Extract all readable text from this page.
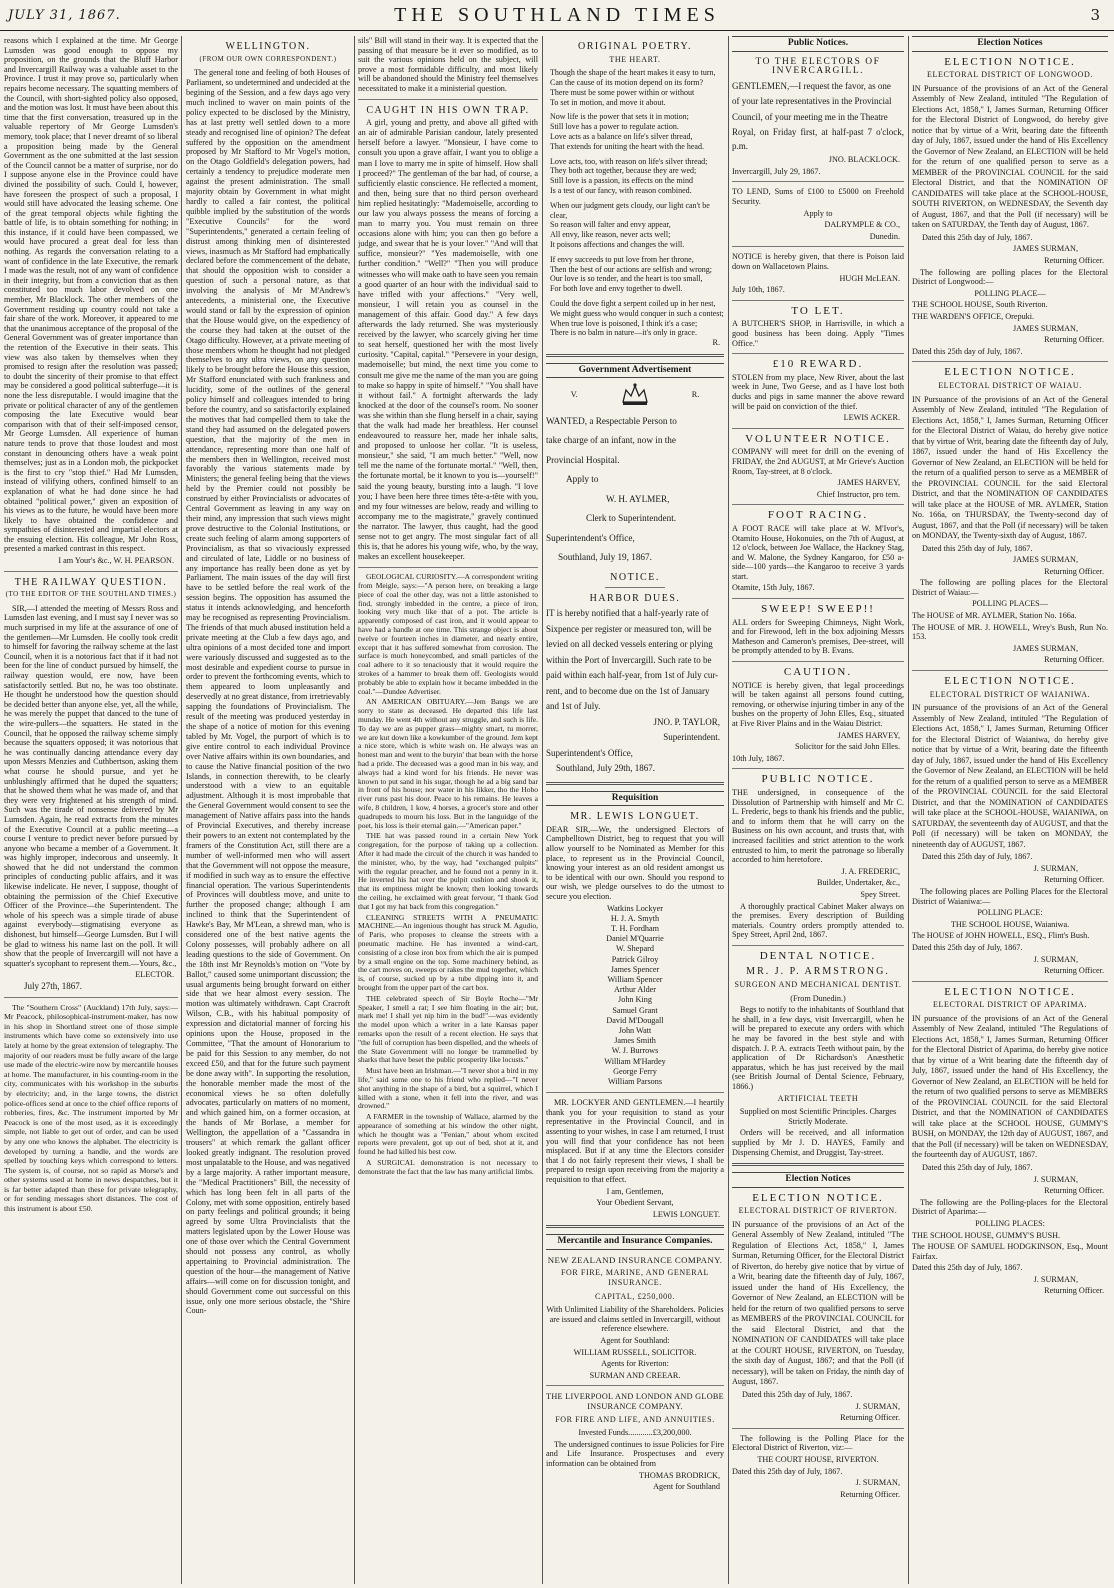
JULY 31, 1867.	THE SOUTHLAND TIMES	3

reasons which I explained at the time. Mr George Lumsden was good enough to oppose my proposition, on the grounds that the Bluff Harbor and Invercargill Railway was a valuable asset to the Province. I trust it may prove so, particularly when repairs become necessary. The squatting members of the Council, with short-sighted policy also opposed, and the motion was lost. It must have been about this time that the first conversation, treasured up in the valuable repertory of Mr George Lumsden's memory, took place; that I never dreamt of so liberal a proposition being made by the General Government as the one submitted at the last session of the Council cannot be a matter of surprise, nor do I suppose anyone else in the Province could have divined the possibility of such. Could I, however, have foreseen the prospect of such a proposal, I would still have advocated the leasing scheme. One of the great temporal objects while fighting the battle of life, is to obtain something for nothing; in this instance, if it could have been compassed, we would have procured a great deal for less than nothing. As regards the conversation relating to a want of confidence in the late Executive, the remark I made was the result, not of any want of confidence in their integrity, but from a conviction that as then constituted too much labor devolved on one member, Mr Blacklock. The other members of the Government residing up country could not take a fair share of the work. Moreover, it appeared to me that the unanimous acceptance of the proposal of the General Government was of greater importance than the retention of the Executive in their seats. This view was also taken by themselves when they promised to resign after the resolution was passed; to doubt the sincerity of their promise to that effect may be considered a good political subterfuge—it is none the less disreputable. I would imagine that the private or political character of any of the gentlemen composing the late Executive would bear comparison with that of their self-imposed censor, Mr George Lumsden. All experience of human nature tends to prove that those loudest and most constant in denouncing others have a weak point themselves; just as in a London mob, the pickpocket is the first to cry "stop thief." Had Mr Lumsden, instead of vilifying others, confined himself to an explanation of what he had done since he had obtained "political power," given an exposition of his views as to the future, he would have been more likely to have obtained the confidence and sympathies of disinterested and impartial electors at the ensuing election. His colleague, Mr John Ross, presented a marked contrast in this respect.

I am Your's &c., W. H. PEARSON.

THE RAILWAY QUESTION.
(TO THE EDITOR OF THE SOUTHLAND TIMES.)

SIR,—I attended the meeting of Messrs Ross and Lumsden last evening, and I must say I never was so much surprised in my life at the assurance of one of the gentlemen—Mr Lumsden. He coolly took credit to himself for favoring the railway scheme at the last Council, when it is a notorious fact that if it had not been for the line of conduct pursued by himself, the railway question would, ere now, have been satisfactorily settled. But no, he was too obstinate. He thought he understood how the question should be decided better than anyone else, yet, all the while, he was merely the puppet that danced to the tune of the wire-pullers—the squatters. He stated in the Council, that he opposed the railway scheme simply because the squatters opposed; it was notorious that he was continually dancing attendance every day upon Messrs Menzies and Cuthbertson, asking them what course he should pursue, and yet he unblushingly affirmed that he duped the squatters; that he showed them what he was made of, and that they were very frightened at his strength of mind. Such was the tirade of nonsense delivered by Mr Lumsden. Again, he read extracts from the minutes of the Executive Council at a public meeting—a course I venture to predict never before pursued by anyone who became a member of a Government. It was highly improper, indecorous and unseemly. It showed that he did not understand the common principles of conducting public affairs, and it was likewise indelicate. He never, I suppose, thought of obtaining the permission of the Chief Executive Officer of the Province—the Superintendent. The whole of his speech was a simple tirade of abuse against everybody—stigmatising everyone as dishonest, but himself—George Lumsden. But I will be glad to witness his name last on the poll. It will show that the people of Invercargill will not have a squatter's sycophant to represent them.—Yours, &c.,

ELECTOR.

July 27th, 1867.

The "Southern Cross" (Auckland) 17th July, says:—Mr Peacock, philosophical-instrument-maker, has now in his shop in Shortland street one of those simple instruments which have come so extensively into use lately at home by the great extension of telegraphy. The majority of our readers must be fully aware of the large use made of the electric-wire now by mercantile houses at home. The manufacturer, in his counting-room in the city, communicates with his workshop in the suburbs by electricity; and, in the large towns, the district police-offices send at once to the chief office reports of robberies, fires, &c. The instrument imported by Mr Peacock is one of the most used, as it is exceedingly simple, not liable to get out of order, and can be used by any one who knows the alphabet. The electricity is developed by turning a handle, and the words are spelled by touching keys which correspond to letters. The system is, of course, not so rapid as Morse's and other systems used at home in news despatches, but it is far better adapted than these for private telegraphy, or for sending messages short distances. The cost of this instrument is about £50.

WELLINGTON.
(FROM OUR OWN CORRESPONDENT.)

The general tone and feeling of both Houses of Parliament, so undetermined and undecided at the begining of the Session, and a few days ago very much inclined to waver on main points of the policy expected to be disclosed by the Ministry, has at last pretty well settled down to a more steady and recognised line of opinion? The defeat suffered by the opposition on the amendment proposed by Mr Stafford to Mr Vogel's motion, on the Otago Goldfield's delegation powers, had certainly a tendency to prejudice moderate men against the present administration. The small majority obtain by Government in what might hardly to called a fair contest, the political quibble implied by the substitution of the words "Executive Councils" for the word "Superintendents," generated a certain feeling of distrust among thinking men of disinterested views, inasmuch as Mr Stafford had emphatically declared before the commencement of the debate, that should the opposition wish to consider a question of such a personal nature, as that involving the analysis of Mr M'Andrew's antecedents, a ministerial one, the Executive would stand or fall by the expression of opinion that the House would give, on the expediency of the course they had taken at the outset of the Otago difficulty. However, at a private meeting of those members whom he thought had not pledged themselves to any ultra views, on any question likely to be brought before the House this session, Mr Stafford enunciated with such frankness and lucidity, some of the outlines of the general policy himself and colleagues intended to bring before the country, and so satisfactorily explained the motives that had compelled them to take the stand they had assumed on the delegated powers question, that the majority of the men in attendance, representing more than one half of the members then in Wellington, received most favorably the various statements made by Ministers; the general feeling being that the views held by the Premier could not possibly be construed by either Provincialists or advocates of Central Government as leaving in any way on their mind, any impression that such views might prove destructive to the Colonial Institutions, or create such feeling of alarm among supporters of Provincialism, as that so vivaciously expressed and circulated of late, Liddle or no business of any importance has really been done as yet by Parliament. The main issues of the day will first have to be settled before the real work of the session begins. The opposition has assumed the status it intends acknowledging, and henceforth may be recognised as representing Provincialism. The friends of that much abused institution held a private meeting at the Club a few days ago, and ultra opinions of a most decided tone and import were variously discussed and suggested as to the most desirable and expedient course to pursue in order to prevent the forthcoming events, which to them appeared to loom unpleasantly and deservedly at no great distance, from irretrievably sapping the foundations of Provincialism. The result of the meeting was produced yesterday in the shape of a notice of motion for this evening tabled by Mr. Vogel, the purport of which is to give entire control to each individual Province over Native affairs within its own boundaries, and to cause the Native financial position of the two Islands, in connection therewith, to be clearly understood with a view to an equitable adjustment. Although it is most improbable that the General Government would consent to see the management of Native affairs pass into the hands of Provincial Executives, and thereby increase their powers to an extent not contemplated by the framers of the Constitution Act, still there are a number of well-informed men who will assert that the Government will not oppose the measure, if modified in such way as to ensure the effective financial operation. The various Superintendents of Provinces will doubtless move, and unite to further the proposed change; although I am inclined to think that the Superintendent of Hawke's Bay, Mr M'Lean, a shrewd man, who is considered one of the best native agents the Colony possesses, will probably adhere on all leading questions to the side of Government. On the 18th inst Mr Reynolds's motion on "Vote by Ballot," caused some unimportant discussion; the usual arguments being brought forward on either side that we hear almost every session. The motion was ultimately withdrawn. Capt Cracroft Wilson, C.B., with his habitual pomposity of expression and dictatorial manner of forcing his opinions upon the House, proposed in the Committee, "That the amount of Honorarium to be paid for this Session to any member, do not exceed £50, and that for the future such payment be done away with". In supporting the resolution, the honorable member made the most of the economical views he so often dolefully advocates, particularly on matters of no moment, and which gained him, on a former occasion, at the hands of Mr Borlase, a member for Wellington, the appellation of a "Cassandra in trousers" at which remark the gallant officer looked greatly indignant. The resolution proved most unpalatable to the House, and was negatived by a large majority. A rather important measure, the "Medical Practitioners" Bill, the necessity of which has long been felt in all parts of the Colony, met with some opposition, entirely based on party feelings and political grounds; it being agreed by some Ultra Provincialists that the matters legislated upon by the Lower House was one of those over which the Central Government should not possess any control, as wholly appertaining to Provincial administration. The question of the hour—the management of Native affairs—will come on for discussion tonight, and should Government come out successful on this issue, only one more serious obstacle, the "Shire Coun-

sils" Bill will stand in their way. It is expected that the passing of that measure be it ever so modified, as to suit the various opinions held on the subject, will prove a most formidable difficulty, and most likely will be abandoned should the Ministry feel themselves necessitated to make it a ministerial question.

CAUGHT IN HIS OWN TRAP.

A girl, young and pretty, and above all gifted with an air of admirable Parisian candour, lately presented herself before a lawyer. "Monsieur, I have come to consult you upon a grave affair, I want you to oblige a man I love to marry me in spite of himself. How shall I proceed?" The gentleman of the bar had, of course, a sufficiently elastic conscience. He reflected a moment, and then, being sure that no third person overheard him replied hesitatingly: "Mademoiselle, according to our law you always possess the means of forcing a man to marry you. You must remain on three occasions alone with him; you can then go before a judge, and swear that he is your lover." "And will that suffice, monsieur?" "Yes mademoiselle, with one further condition." "Well?" "Then you will produce witnesses who will make oath to have seen you remain a good quarter of an hour with the individual said to have trifled with your affections." "Very well, monsieur, I will retain you as counsel in the management of this affair. Good day." A few days afterwards the lady returned. She was mysteriously received by the lawyer, who scarcely giving her time to seat herself, questioned her with the most lively curiosity. "Capital, capital." "Persevere in your design, mademoiselle; but mind, the next time you come to consult me give me the name of the man you are going to make so happy in spite of himself." "You shall have it without fail." A fortnight afterwards the lady knocked at the door of the counsel's room. No sooner was she within than she flung herself in a chair, saying that the walk had made her breathless. Her counsel endeavoured to reassure her, made her inhale salts, and proposed to unloose her collar. "It is useless, monsieur," she said, "I am much better." "Well, now tell me the name of the fortunate mortal." "Well, then, the fortunate mortal, be it known to you is—yourself!" said the young beauty, bursting into a laugh. "I love you; I have been here three times tête-a-tête with you, and my four witnesses are below, ready and willing to accompany me to the magistrate," gravely continued the narrator. The lawyer, thus caught, had the good sense not to get angry. The most singular fact of all this is, that he adores his young wife, who, by the way, makes an excellent housekeeper.

GEOLOGICAL CURIOSITY.—A correspondent writing from Meigle, says:—"A person here, on breaking a large piece of coal the other day, was not a little astonished to find, strongly imbedded in the centre, a piece of iron, looking very much like that of a pot. The article is apparently composed of cast iron, and it would appear to have had a handle at one time. This strange object is about twelve or fourteen inches in diameter, and nearly entire, except that it has suffered somewhat from corrosion. The surface is much honeycombed, and small particles of the coal adhere to it so tenaciously that it would require the strokes of a hammer to break them off. Geologists would probably be able to explain how it became imbedded in the coal."—Dundee Advertiser.

AN AMERICAN OBITUARY.—Jem Bangs we are sorry to state as deceased. He departed this life last munday. He went 4th without any struggle, and such is life. To day we are as pupper grass—mighty smart, tu morrer, we are kut down like a kowkumber of the ground. Jem kept a nice store, which is white wash on. He always was an honest man and went to the buryin' that bean with the horse had a pride. The deceased was a good man in his way, and always had a kind word for his friends. He never was known to put sand in his sugar, though he ad a big sand bar in front of his house; nor water in his likker, tho the Hobo river runs past his door. Peace to his remains. He leaves a wife, 8 children, 1 kow, 4 horses, a grocer's store and other quadrupeds to mourn his loss. But in the languidge of the poet, his loss is their eternal gain.—"American paper."

THE hat was passed round in a certain New York congregation, for the purpose of taking up a collection. After it had made the circuit of the church it was handed to the minister, who, by the way, had "exchanged pulpits" with the regular preacher, and he found not a penny in it. He inverted his hat over the pulpit cushion and shook it, that its emptiness might be known; then looking towards the ceiling, he exclaimed with great fervour, "I thank God that I got my hat back from this congregation."

CLEANING STREETS WITH A PNEUMATIC MACHINE.—An ingenious thought has struck M. Agudio, of Paris, who proposes to cleanse the streets with a pneumatic machine. He has invented a wind-cart, consisting of a close iron box from which the air is pumped by a small engine on the top. Some machinery behind, as the cart moves on, sweeps or rakes the mud together, which is, of course, sucked up by a tube dipping into it, and brought from the upper part of the cart box.

THE celebrated speech of Sir Boyle Roche—"Mr Speaker, I smell a rat; I see him floating in the air; but, mark me! I shall yet nip him in the bud!"—was evidently the model upon which a writer in a late Kansas paper remarks upon the result of a recent election. He says that "the full of corruption has been dispelled, and the wheels of the State Government will no longer be trammelled by sharks that have beset the public prosperity like locusts."

Must have been an Irishman.—"I never shot a bird in my life," said some one to his friend who replied—"I never shot anything in the shape of a bird, but a squirrel, which I killed with a stone, when it fell into the river, and was drowned."

A FARMER in the township of Wallace, alarmed by the appearance of something at his window the other night, which he thought was a "Fenian," about whom excited reports were prevalent, got up out of bed, shot at it, and found he had killed his best cow.

A SURGICAL demonstration is not necessary to demonstrate the fact that the law has many artificial limbs.

ORIGINAL POETRY.
THE HEART.
Though the shape of the heart makes it easy to turn,
Can the cause of its motion depend on its form?
There must be some power within or without
To set in motion, and move it about.
Now life is the power that sets it in motion;
Still love has a power to regulate action.
Love acts as a balance on life's silver thread,
That extends for uniting the heart with the head.
Love acts, too, with reason on life's silver thread;
They both act together, because they are wed;
Still love is a passion, its effects on the mind
Is a test of our fancy, with reason combined.
When our judgment gets cloudy, our light can't be clear,
So reason will falter and envy appear,
All envy, like reason, never acts well;
It poisons affections and changes the will.
If envy succeeds to put love from her throne,
Then the best of our actions are selfish and wrong;
Our love is so tender, and the heart is too small,
For both love and envy together to dwell.
Could the dove fight a serpent coiled up in her nest,
We might guess who would conquer in such a contest;
When true love is poisoned, I think it's a case;
There is no balm in nature—it's only in grace.

R.

Government Advertisement
V.	R.

WANTED, a Respectable Person to

take charge of an infant, now in the

Provincial Hospital.

Apply to

W. H. AYLMER,

Clerk to Superintendent.

Superintendent's Office,

Southland, July 19, 1867.

NOTICE.
HARBOR DUES.

IT is hereby notified that a half-yearly rate of

Sixpence per register or measured ton, will be

levied on all decked vessels entering or plying

within the Port of Invercargill. Such rate to be

paid within each half-year, from 1st of July cur-

rent, and to become due on the 1st of January

and 1st of July.

JNO. P. TAYLOR,

Superintendent.

Superintendent's Office,

Southland, July 29th, 1867.

Requisition
MR. LEWIS LONGUET.

DEAR SIR,—We, the undersigned Electors of Campbelltown District, beg to request that you will allow yourself to be Nominated as Member for this place, to represent us in the Provincial Council, knowing your interest as an old resident amongst us to be identical with our own. Should you respond to our wish, we pledge ourselves to do the utmost to secure you election.

Watkins Lockyer
H. J. A. Smyth
T. H. Fordham
Daniel M'Quarrie
W. Shepard
Patrick Gilroy
James Spencer
William Spencer
Arthur Alder
John King
Samuel Grant
David M'Dougall
John Watt
James Smith
W. J. Burrows
William M'Hardey
George Ferry
William Parsons

MR. LOCKYER AND GENTLEMEN.—I heartily thank you for your requisition to stand as your representative in the Provincial Council, and in assenting to your wishes, in case I am returned, I trust you will find that your confidence has not been misplaced. But if at any time the Electors consider that I do not fairly represent their views, I shall be prepared to resign upon receiving from the majority a requisition to that effect.

I am, Gentlemen,

Your Obedient Servant,

LEWIS LONGUET.

Mercantile and Insurance Companies.
NEW ZEALAND INSURANCE COMPANY.
FOR FIRE, MARINE, AND GENERAL INSURANCE.
CAPITAL, £250,000.

With Unlimited Liability of the Shareholders. Policies are issued and claims settled in Invercargill, without reference elsewhere.

Agent for Southland:

WILLIAM RUSSELL, SOLICITOR.

Agents for Riverton:

SURMAN AND CREEAR.

THE LIVERPOOL AND LONDON AND GLOBE INSURANCE COMPANY.
FOR FIRE AND LIFE, AND ANNUITIES.

Invested Funds............£3,200,000.

The undersigned continues to issue Policies for Fire and Life Insurance. Prospectuses and every information can be obtained from

THOMAS BRODRICK,

Agent for Southland

Public Notices.
TO THE ELECTORS OF INVERCARGILL.

GENTLEMEN,—I request the favor, as one

of your late representatives in the Provincial

Council, of your meeting me in the Theatre

Royal, on Friday first, at half-past 7 o'clock, p.m.

JNO. BLACKLOCK.

Invercargill, July 29, 1867.

TO LEND, Sums of £100 to £5000 on Freehold Security.

Apply to

DALRYMPLE & CO.,

Dunedin.

NOTICE is hereby given, that there is Poison laid down on Wallacetown Plains.

HUGH McLEAN.

July 10th, 1867.

TO LET.

A BUTCHER'S SHOP, in Harrisville, in which a good business has been doing. Apply "Times Office."

£10 REWARD.

STOLEN from my place, New River, about the last week in June, Two Geese, and as I have lost both ducks and pigs in same manner the above reward will be paid on conviction of the thief.

LEWIS ACKER.

VOLUNTEER NOTICE.

COMPANY will meet for drill on the evening of FRIDAY, the 2nd AUGUST, at Mr Grieve's Auction Room, Tay-street, at 8 o'clock.

JAMES HARVEY,

Chief Instructor, pro tem.

FOOT RACING.

A FOOT RACE will take place at W. M'Ivor's, Otamito House, Hokonuies, on the 7th of August, at 12 o'clock, between Joe Wallace, the Hackney Stag, and W. Malone, the Sydney Kangaroo, for £50 a-side—100 yards—the Kangaroo to receive 3 yards start.

Otamite, 15th July, 1867.

SWEEP! SWEEP!!

ALL orders for Sweeping Chimneys, Night Work, and for Firewood, left in the box adjoining Messrs Matheson and Cameron's premises, Dee-street, will be promptly attended to by B. Evans.

CAUTION.

NOTICE is hereby given, that legal proceedings will be taken against all persons found cutting, removing, or otherwise injuring timber in any of the bushes on the property of John Elles, Esq., situated at Five River Plains and in the Waiau District.

JAMES HARVEY,

Solicitor for the said John Elles.

10th July, 1867.

PUBLIC NOTICE.

THE undersigned, in consequence of the Dissolution of Partnership with himself and Mr C. L. Frederic, begs to thank his friends and the public, and to inform them that he will carry on the Business on his own account, and trusts that, with increased facilities and strict attention to the work entrusted to him, to merit the patronage so liberally accorded to him heretofore.

J. A. FREDERIC,

Builder, Undertaker, &c.,

Spey Street.

A thoroughly practical Cabinet Maker always on the premises. Every description of Building materials. Country orders promptly attended to. Spey Street, April 2nd, 1867.

DENTAL NOTICE.
MR. J. P. ARMSTRONG.
SURGEON AND MECHANICAL DENTIST.

(From Dunedin.)

Begs to notify to the inhabitants of Southland that he shall, in a few days, visit Invercargill, when he will be prepared to execute any orders with which he may be favored in the best style and with dispatch. J. P. A. extracts Teeth without pain, by the application of Dr Richardson's Anæsthetic apparatus, which he has just received by the mail (see British Journal of Dental Science, February, 1866.)

ARTIFICIAL TEETH

Supplied on most Scientific Principles. Charges Strictly Moderate.

Orders will be received, and all information supplied by Mr J. D. HAYES, Family and Dispensing Chemist, and Druggist, Tay-street.

Election Notices
ELECTION NOTICE.
ELECTORAL DISTRICT OF RIVERTON.

IN pursuance of the provisions of an Act of the General Assembly of New Zealand, intituled "The Regulation of Elections Act, 1858," I, James Surman, Returning Officer, for the Electoral District of Riverton, do hereby give notice that by virtue of a Writ, bearing date the fifteenth day of July, 1867, issued under the hand of His Excellency, the Governor of New Zealand, an ELECTION will be held for the return of two qualified persons to serve as MEMBERS of the PROVINCIAL COUNCIL for the said Electoral District, and that the NOMINATION OF CANDIDATES will take place at the COURT HOUSE, RIVERTON, on Tuesday, the sixth day of August, 1867; and that the Poll (if necessary), will be taken on Friday, the ninth day of August, 1867.

Dated this 25th day of July, 1867.

J. SURMAN,

Returning Officer.

The following is the Polling Place for the Electoral District of Riverton, viz:—

THE COURT HOUSE, RIVERTON.

Dated this 25th day of July, 1867.

J. SURMAN,

Returning Officer.

Election Notices
ELECTION NOTICE.
ELECTORAL DISTRICT OF LONGWOOD.

IN Pursuance of the provisions of an Act of the General Assembly of New Zealand, intituled "The Regulation of Elections Act, 1858," I, James Surman, Returning Officer for the Electoral District of Longwood, do hereby give notice that by virtue of a Writ, bearing date the fifteenth day of July, 1867, issued under the hand of His Excellency the Governor of New Zealand, an ELECTION will be held for the return of one qualified person to serve as a MEMBER of the PROVINCIAL COUNCIL for the said Electoral District, and that the NOMINATION OF CANDIDATES will take place at the SCHOOL-HOUSE, SOUTH RIVERTON, on WEDNESDAY, the Seventh day of August, 1867, and that the Poll (if necessary) will be taken on SATURDAY, the Tenth day of August, 1867.

Dated this 25th day of July, 1867.

JAMES SURMAN,

Returning Officer.

The following are polling places for the Electoral District of Longwood:—

POLLING PLACE—

THE SCHOOL HOUSE, South Riverton.

THE WARDEN'S OFFICE, Orepuki.

JAMES SURMAN,

Returning Officer.

Dated this 25th day of July, 1867.

ELECTION NOTICE.
ELECTORAL DISTRICT OF WAIAU.

IN Pursuance of the provisions of an Act of the General Assembly of New Zealand, intituled "The Regulation of Elections Act, 1858," I, James Surman, Returning Officer for the Electoral District of Waiau, do hereby give notice that by virtue of Writ, bearing date the fifteenth day of July, 1867, issued under the hand of His Excellency the Governor of New Zealand, an ELECTION will be held for the return of a qualified person to serve as a MEMBER of the PROVINCIAL COUNCIL for the said Electoral District, and that the NOMINATION OF CANDIDATES will take place at the HOUSE of MR. AYLMER, Station No. 166a, on THURSDAY, the Twenty-second day of August, 1867, and that the Poll (if necessary) will be taken on MONDAY, the Twenty-sixth day of August, 1867.

Dated this 25th day of July, 1867.

JAMES SURMAN,

Returning Officer.

The following are polling places for the Electoral District of Waiau:—

POLLING PLACES—

The HOUSE of MR. AYLMER, Station No. 166a.

The HOUSE of MR. J. HOWELL, Wrey's Bush, Run No. 153.

JAMES SURMAN,

Returning Officer.

ELECTION NOTICE.
ELECTORAL DISTRICT OF WAIANIWA.

IN pursuance of the provisions of an Act of the General Assembly of New Zealand, intituled "The Regulation of Elections Act, 1858," I, James Surman, Returning Officer for the Electoral District of Waianiwa, do hereby give notice that by virtue of a Writ, bearing date the fifteenth day of July, 1867, issued under the hand of His Excellency the Governor of New Zealand, an ELECTION will be held for the return of a qualified person to serve as a MEMBER of the PROVINCIAL COUNCIL for the said Electoral District, and that the NOMINATION of CANDIDATES will take place at the SCHOOL-HOUSE, WAIANIWA, on SATURDAY, the seventeenth day of AUGUST, and that the Poll (if necessary) will be taken on MONDAY, the nineteenth day of AUGUST, 1867.

Dated this 25th day of July, 1867.

J. SURMAN,

Returning Officer.

The following places are Polling Places for the Electoral District of Waianiwa:—

POLLING PLACE:

THE SCHOOL HOUSE, Waianiwa.

The HOUSE of JOHN HOWELL, ESQ., Flint's Bush.

Dated this 25th day of July, 1867.

J. SURMAN,

Returning Officer.

ELECTION NOTICE.
ELECTORAL DISTRICT OF APARIMA.

IN pursuance of the provisions of an Act of the General Assembly of New Zealand, intituled "The Regulations of Elections Act, 1858," I, James Surman, Returning Officer for the Electoral District of Aparima, do hereby give notice that by virtue of a Writ bearing date the fifteenth day of July, 1867, issued under the hand of His Excellency, the Governor of New Zealand, an ELECTION will be held for the return of two qualified persons to serve as MEMBERS of the PROVINCIAL COUNCIL for the said Electoral District, and that the NOMINATION of CANDIDATES will take place at the SCHOOL HOUSE, GUMMY'S BUSH, on MONDAY, the 12th day of AUGUST, 1867, and that the Poll (if necessary) will be taken on WEDNESDAY, the fourteenth day of AUGUST, 1867.

Dated this 25th day of July, 1867.

J. SURMAN,

Returning Officer.

The following are the Polling-places for the Electoral District of Aparima:—

POLLING PLACES:

THE SCHOOL HOUSE, GUMMY'S BUSH.

The HOUSE OF SAMUEL HODGKINSON, Esq., Mount Fairfax.

Dated this 25th day of July, 1867.

J. SURMAN,

Returning Officer.
